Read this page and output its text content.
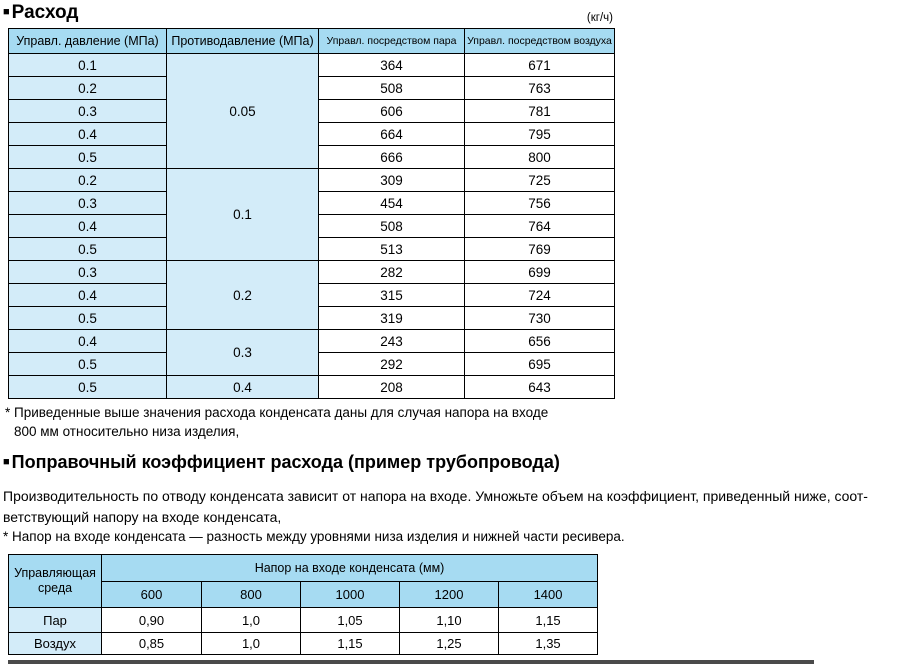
■ Расход	(кг/ч)
Управл. давление (МПа)	Противодавление (МПа)	Управл. посредством пара	Управл. посредством воздуха
0.1	0.05	364	671
0.2		508	763
0.3		606	781
0.4		664	795
0.5		666	800
0.2	0.1	309	725
0.3		454	756
0.4		508	764
0.5		513	769
0.3	0.2	282	699
0.4		315	724
0.5		319	730
0.4	0.3	243	656
0.5		292	695
0.5	0.4	208	643
* Приведенные выше значения расхода конденсата даны для случая напора на входе
800 мм относительно низа изделия,
■ Поправочный коэффициент расхода (пример трубопровода)
Производительность по отводу конденсата зависит от напора на входе. Умножьте объем на коэффициент, приведенный ниже, соот-
ветствующий напору на входе конденсата,
* Напор на входе конденсата — разность между уровнями низа изделия и нижней части ресивера.
Управляющая среда	Напор на входе конденсата (мм)				
	600	800	1000	1200	1400
Пар	0,90	1,0	1,05	1,10	1,15
Воздух	0,85	1,0	1,15	1,25	1,35
